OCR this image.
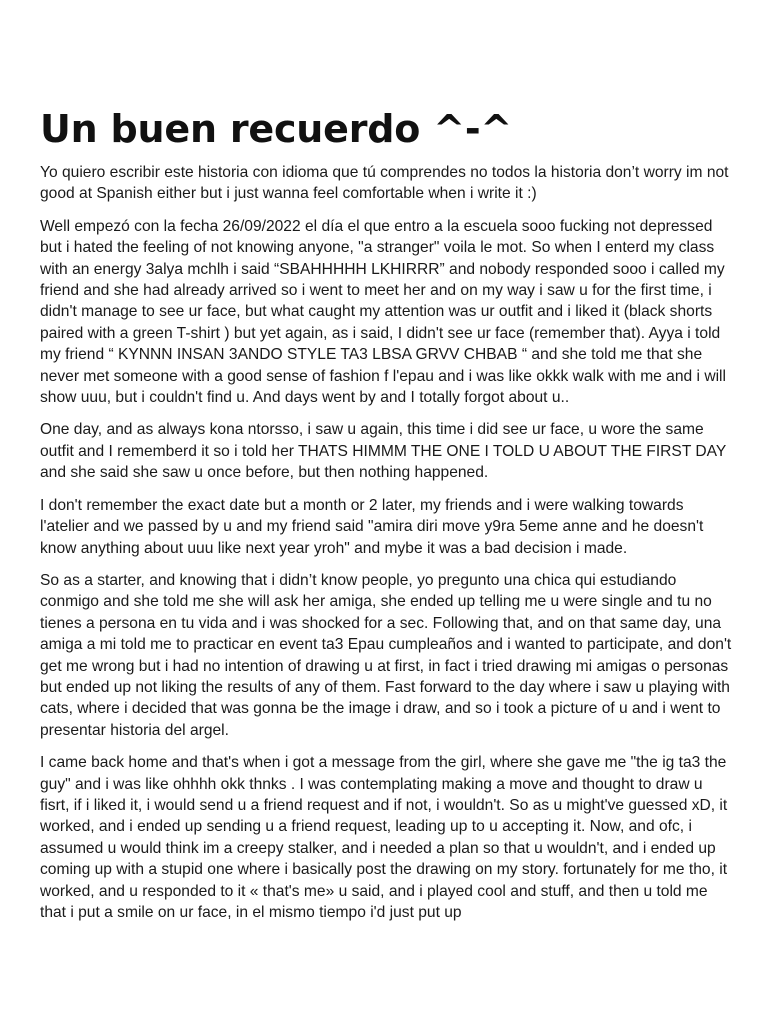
Un buen recuerdo ^-^

Yo quiero escribir este historia con idioma que tú comprendes no todos la historia don’t worry im not good at Spanish either but i just wanna feel comfortable when i write it :)

Well empezó con la fecha 26/09/2022 el día el que entro a la escuela sooo fucking not depressed but i hated the feeling of not knowing anyone, "a stranger" voila le mot. So when I enterd my class with an energy 3alya mchlh i said “SBAHHHHH LKHIRRR” and nobody responded sooo i called my friend and she had already arrived so i went to meet her and on my way i saw u for the first time, i didn't manage to see ur face, but what caught my attention was ur outfit and i liked it (black shorts paired with a green T-shirt ) but yet again, as i said, I didn't see ur face (remember that). Ayya i told my friend “ KYNNN INSAN 3ANDO STYLE TA3 LBSA GRVV CHBAB “ and she told me that she never met someone with a good sense of fashion f l'epau and i was like okkk walk with me and i will show uuu, but i couldn't find u. And days went by and I totally forgot about u..

One day, and as always kona ntorsso, i saw u again, this time i did see ur face, u wore the same outfit and I rememberd it so i told her THATS HIMMM THE ONE I TOLD U ABOUT THE FIRST DAY and she said she saw u once before, but then nothing happened.

I don't remember the exact date but a month or 2 later, my friends and i were walking towards l'atelier and we passed by u and my friend said "amira diri move y9ra 5eme anne and he doesn't know anything about uuu like next year yroh" and mybe it was a bad decision i made.

So as a starter, and knowing that i didn’t know people, yo pregunto una chica qui estudiando conmigo and she told me she will ask her amiga, she ended up telling me u were single and tu no tienes a persona en tu vida and i was shocked for a sec. Following that, and on that same day, una amiga a mi told me to practicar en event ta3 Epau cumpleaños and i wanted to participate, and don't get me wrong but i had no intention of drawing u at first, in fact i tried drawing mi amigas o personas but ended up not liking the results of any of them. Fast forward to the day where i saw u playing with cats, where i decided that was gonna be the image i draw, and so i took a picture of u and i went to presentar historia del argel.

I came back home and that's when i got a message from the girl, where she gave me "the ig ta3 the guy" and i was like ohhhh okk thnks . I was contemplating making a move and thought to draw u fisrt, if i liked it, i would send u a friend request and if not, i wouldn't. So as u might've guessed xD, it worked, and i ended up sending u a friend request, leading up to u accepting it. Now, and ofc, i assumed u would think im a creepy stalker, and i needed a plan so that u wouldn't, and i ended up coming up with a stupid one where i basically post the drawing on my story. fortunately for me tho, it worked, and u responded to it « that's me» u said, and i played cool and stuff, and then u told me that i put a smile on ur face, in el mismo tiempo i'd just put up
